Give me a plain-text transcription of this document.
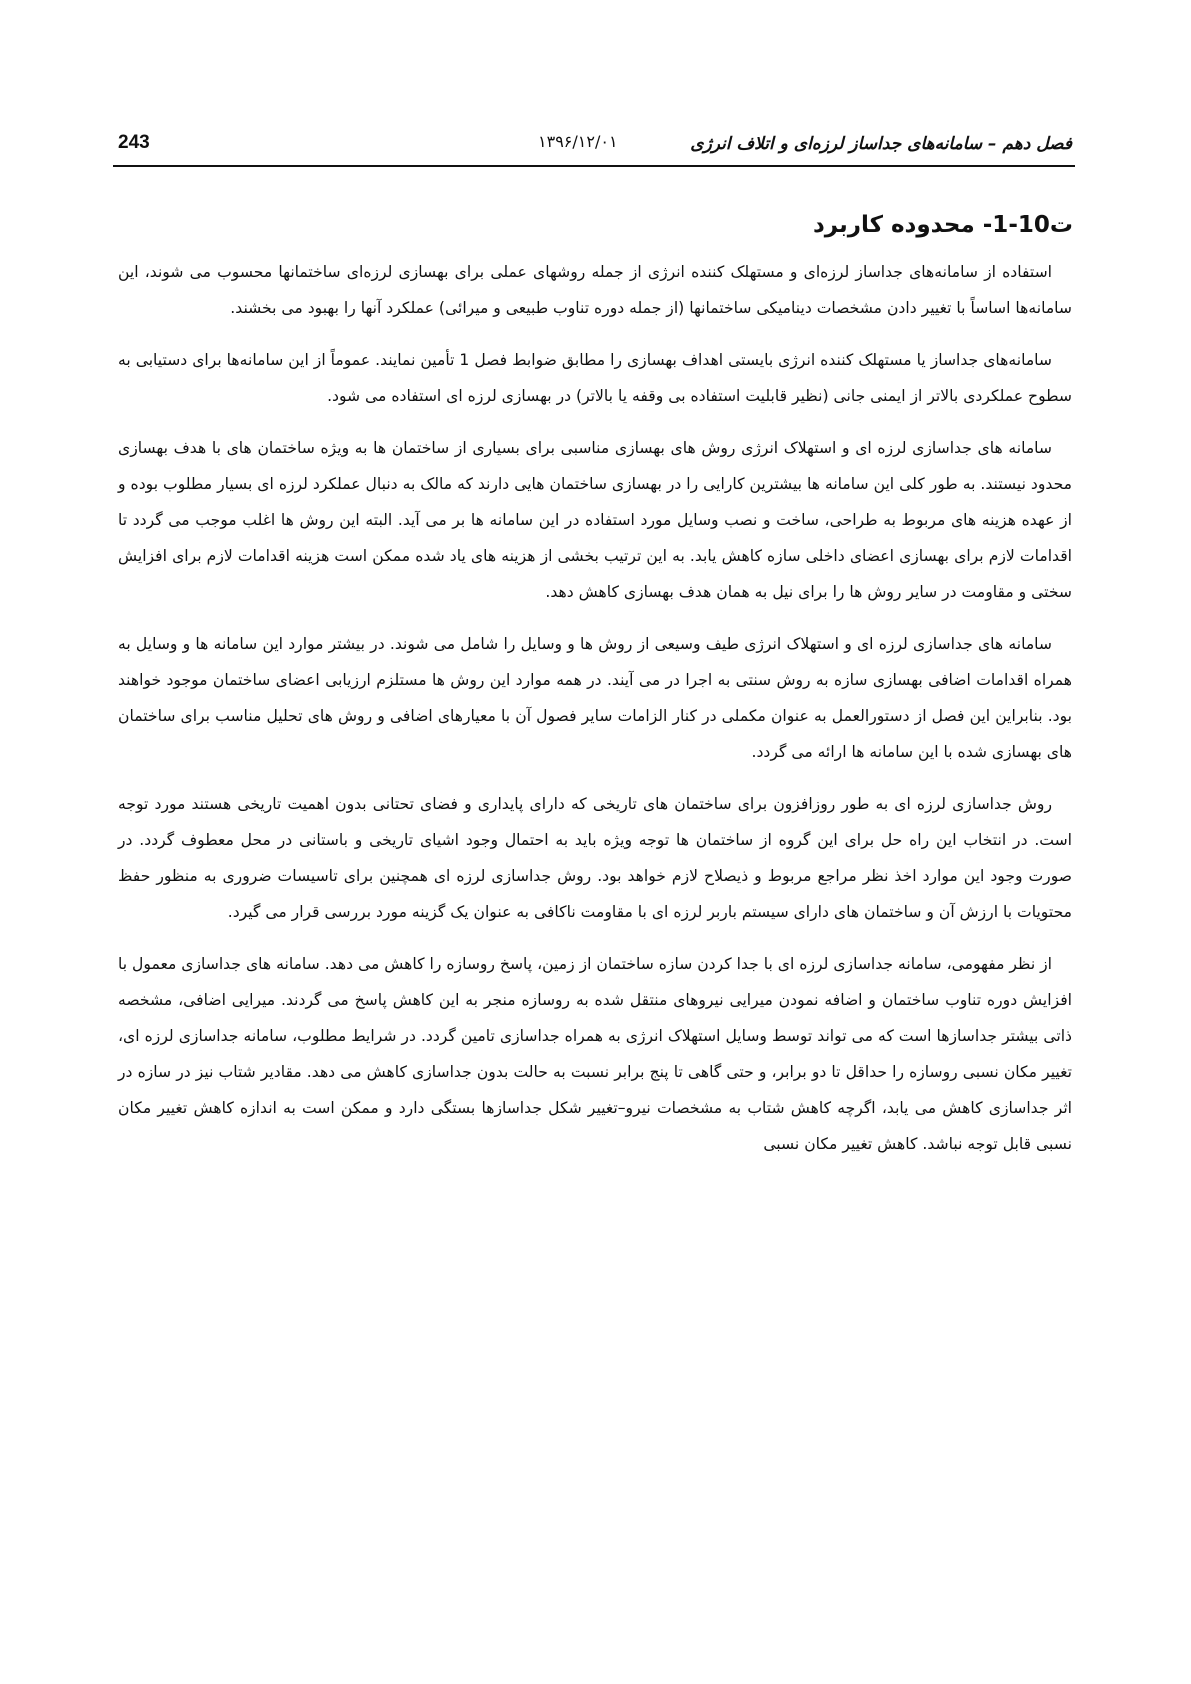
243	۱۳۹۶/۱۲/۰۱	فصل دهم – سامانه‌های جداساز لرزه‌ای و اتلاف انرژی
ت10-1- محدوده کاربرد

استفاده از سامانه‌های جداساز لرزه‌ای و مستهلک کننده انرژی از جمله روشهای عملی برای بهسازی لرزه‌ای ساختمانها محسوب می شوند، این سامانه‌ها اساساً با تغییر دادن مشخصات دینامیکی ساختمانها (از جمله دوره تناوب طبیعی و میرائی) عملکرد آنها را بهبود می بخشند.

سامانه‌های جداساز یا مستهلک کننده انرژی بایستی اهداف بهسازی را مطابق ضوابط فصل 1 تأمین نمایند. عموماً از این سامانه‌ها برای دستیابی به سطوح عملکردی بالاتر از ایمنی جانی (نظیر قابلیت استفاده بی وقفه یا بالاتر) در بهسازی لرزه ای استفاده می شود.

سامانه های جداسازی لرزه ای و استهلاک انرژی روش های بهسازی مناسبی برای بسیاری از ساختمان ها به ویژه ساختمان های با هدف بهسازی محدود نیستند. به طور کلی این سامانه ها بیشترین کارایی را در بهسازی ساختمان هایی دارند که مالک به دنبال عملکرد لرزه ای بسیار مطلوب بوده و از عهده هزینه های مربوط به طراحی، ساخت و نصب وسایل مورد استفاده در این سامانه ها بر می آید. البته این روش ها اغلب موجب می گردد تا اقدامات لازم برای بهسازی اعضای داخلی سازه کاهش یابد. به این ترتیب بخشی از هزینه های یاد شده ممکن است هزینه اقدامات لازم برای افزایش سختی و مقاومت در سایر روش ها را برای نیل به همان هدف بهسازی کاهش دهد.

سامانه های جداسازی لرزه ای و استهلاک انرژی طیف وسیعی از روش ها و وسایل را شامل می شوند. در بیشتر موارد این سامانه ها و وسایل به همراه اقدامات اضافی بهسازی سازه به روش سنتی به اجرا در می آیند. در همه موارد این روش ها مستلزم ارزیابی اعضای ساختمان موجود خواهند بود. بنابراین این فصل از دستورالعمل به عنوان مکملی در کنار الزامات سایر فصول آن با معیارهای اضافی و روش های تحلیل مناسب برای ساختمان های بهسازی شده با این سامانه ها ارائه می گردد.

روش جداسازی لرزه ای به طور روزافزون برای ساختمان های تاریخی که دارای پایداری و فضای تحتانی بدون اهمیت تاریخی هستند مورد توجه است. در انتخاب این راه حل برای این گروه از ساختمان ها توجه ویژه باید به احتمال وجود اشیای تاریخی و باستانی در محل معطوف گردد. در صورت وجود این موارد اخذ نظر مراجع مربوط و ذیصلاح لازم خواهد بود. روش جداسازی لرزه ای همچنین برای تاسیسات ضروری به منظور حفظ محتویات با ارزش آن و ساختمان های دارای سیستم باربر لرزه ای با مقاومت ناکافی به عنوان یک گزینه مورد بررسی قرار می گیرد.

از نظر مفهومی، سامانه جداسازی لرزه ای با جدا کردن سازه ساختمان از زمین، پاسخ روسازه را کاهش می دهد. سامانه های جداسازی معمول با افزایش دوره تناوب ساختمان و اضافه نمودن میرایی نیروهای منتقل شده به روسازه منجر به این کاهش پاسخ می گردند. میرایی اضافی، مشخصه ذاتی بیشتر جداسازها است که می تواند توسط وسایل استهلاک انرژی به همراه جداسازی تامین گردد. در شرایط مطلوب، سامانه جداسازی لرزه ای، تغییر مکان نسبی روسازه را حداقل تا دو برابر، و حتی گاهی تا پنج برابر نسبت به حالت بدون جداسازی کاهش می دهد. مقادیر شتاب نیز در سازه در اثر جداسازی کاهش می یابد، اگرچه کاهش شتاب به مشخصات نیرو–تغییر شکل جداسازها بستگی دارد و ممکن است به اندازه کاهش تغییر مکان نسبی قابل توجه نباشد. کاهش تغییر مکان نسبی
